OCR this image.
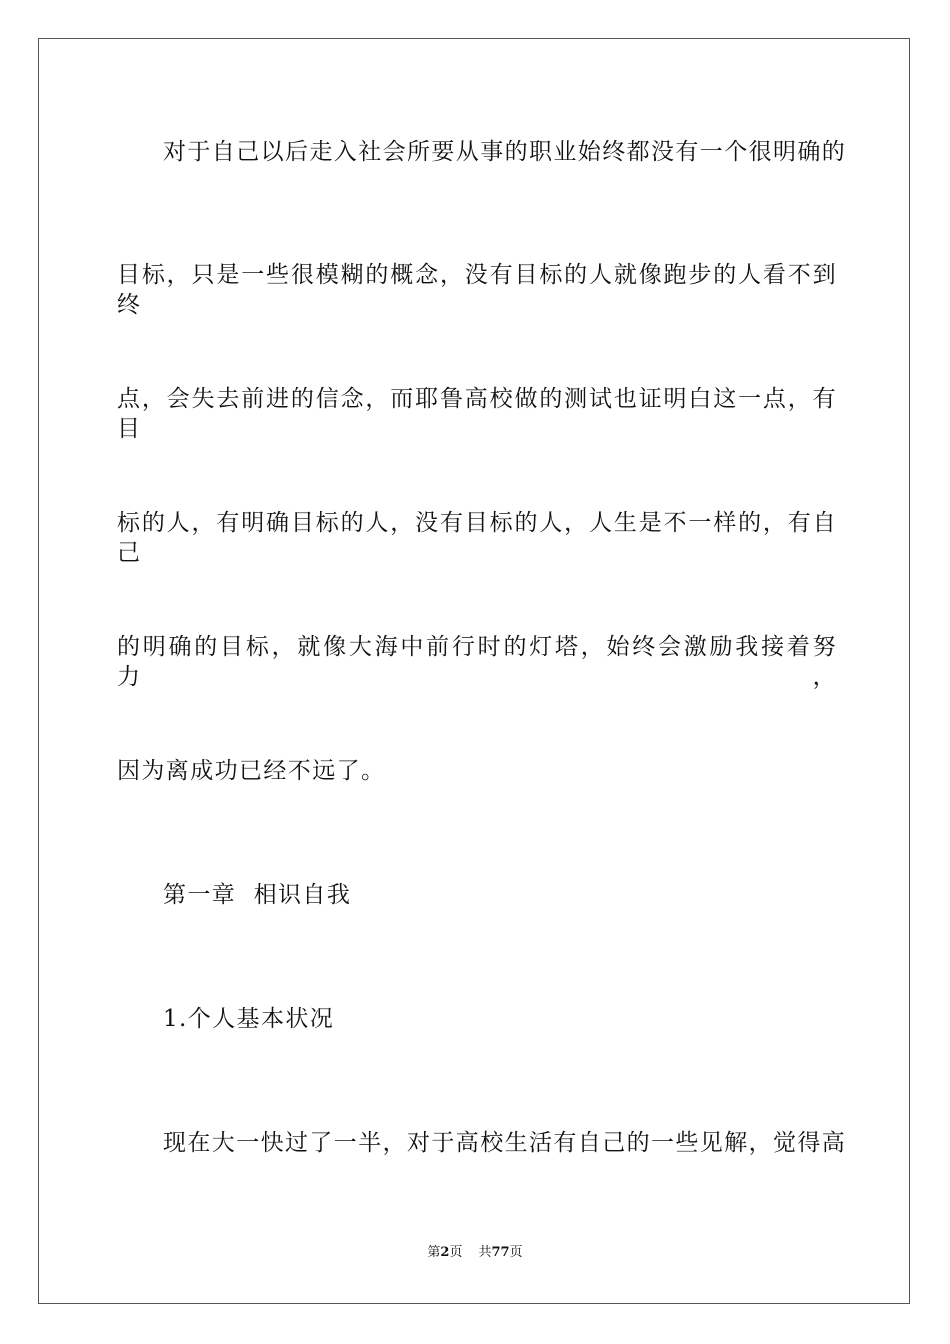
对于自己以后走入社会所要从事的职业始终都没有一个很明确的
目标，只是一些很模糊的概念，没有目标的人就像跑步的人看不到终
点，会失去前进的信念，而耶鲁高校做的测试也证明白这一点，有目
标的人，有明确目标的人，没有目标的人，人生是不一样的，有自己
的明确的目标，就像大海中前行时的灯塔，始终会激励我接着努力，
因为离成功已经不远了。
第一章  相识自我
1.个人基本状况
现在大一快过了一半，对于高校生活有自己的一些见解，觉得高
第2页 共77页
